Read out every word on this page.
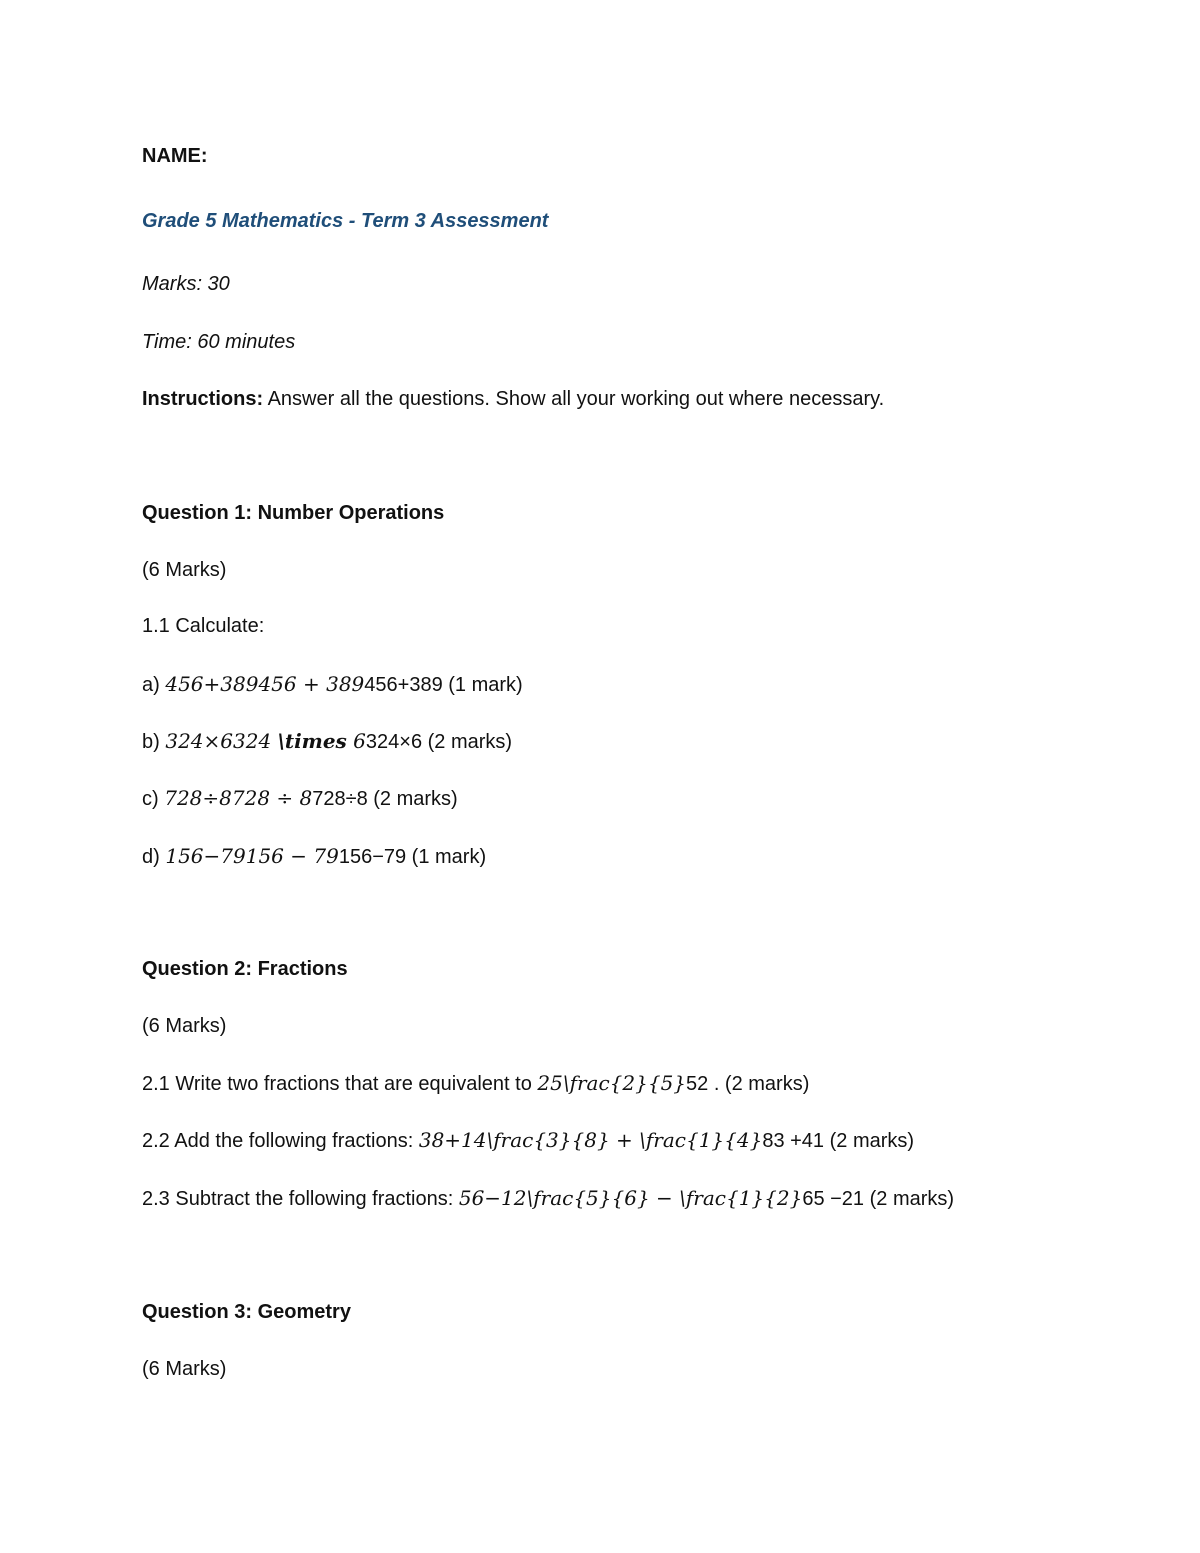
NAME:
Grade 5 Mathematics - Term 3 Assessment
Marks: 30
Time: 60 minutes
Instructions: Answer all the questions. Show all your working out where necessary.
Question 1: Number Operations
(6 Marks)
1.1 Calculate:
a) 456+389456 + 389456+389 (1 mark)
b) 324×6324 \times 6324×6 (2 marks)
c) 728÷8728 ÷ 8728÷8 (2 marks)
d) 156−79156 − 79156−79 (1 mark)
Question 2: Fractions
(6 Marks)
2.1 Write two fractions that are equivalent to 25\frac{2}{5}52 . (2 marks)
2.2 Add the following fractions: 38+14\frac{3}{8} + \frac{1}{4}83 +41 (2 marks)
2.3 Subtract the following fractions: 56−12\frac{5}{6} − \frac{1}{2}65 −21 (2 marks)
Question 3: Geometry
(6 Marks)
